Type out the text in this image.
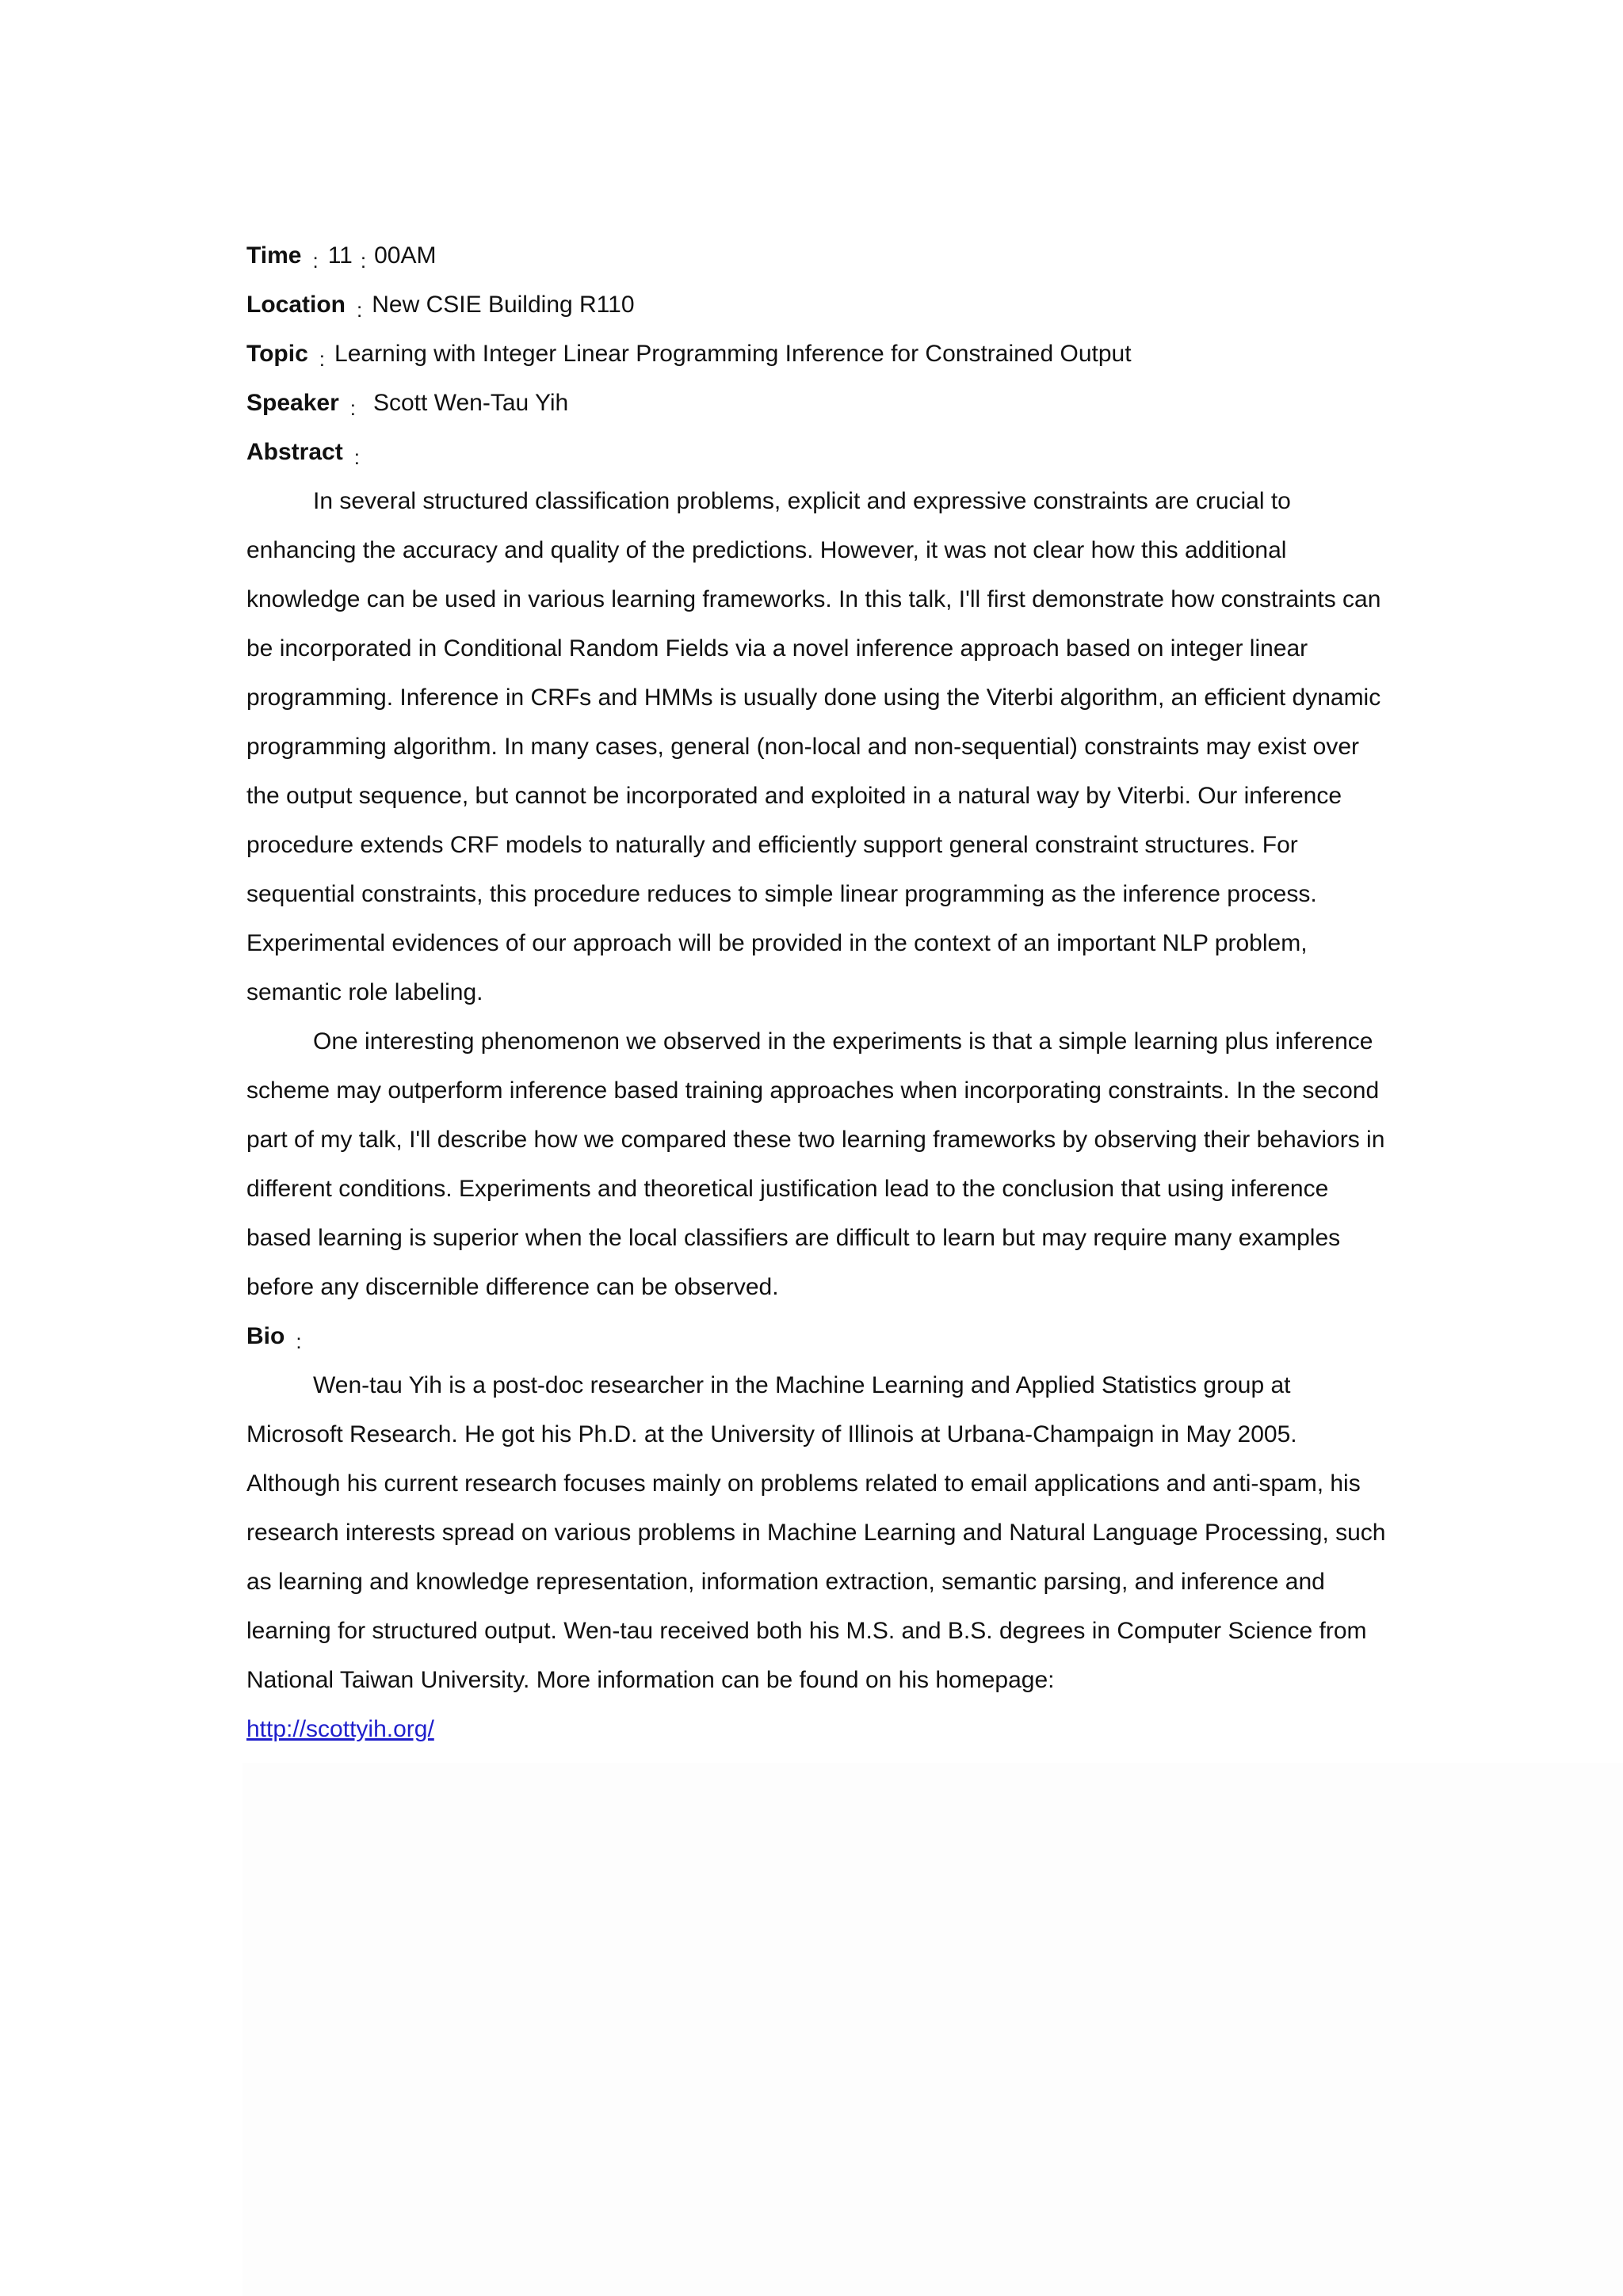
Time : 11 : 00AM
Location : New CSIE Building R110
Topic : Learning with Integer Linear Programming Inference for Constrained Output
Speaker : Scott Wen-Tau Yih
Abstract :

In several structured classification problems, explicit and expressive constraints are crucial to enhancing the accuracy and quality of the predictions. However, it was not clear how this additional knowledge can be used in various learning frameworks. In this talk, I'll first demonstrate how constraints can be incorporated in Conditional Random Fields via a novel inference approach based on integer linear programming. Inference in CRFs and HMMs is usually done using the Viterbi algorithm, an efficient dynamic programming algorithm. In many cases, general (non-local and non-sequential) constraints may exist over the output sequence, but cannot be incorporated and exploited in a natural way by Viterbi. Our inference procedure extends CRF models to naturally and efficiently support general constraint structures. For sequential constraints, this procedure reduces to simple linear programming as the inference process. Experimental evidences of our approach will be provided in the context of an important NLP problem, semantic role labeling.

One interesting phenomenon we observed in the experiments is that a simple learning plus inference scheme may outperform inference based training approaches when incorporating constraints. In the second part of my talk, I'll describe how we compared these two learning frameworks by observing their behaviors in different conditions. Experiments and theoretical justification lead to the conclusion that using inference based learning is superior when the local classifiers are difficult to learn but may require many examples before any discernible difference can be observed.

Bio :

Wen-tau Yih is a post-doc researcher in the Machine Learning and Applied Statistics group at Microsoft Research. He got his Ph.D. at the University of Illinois at Urbana-Champaign in May 2005. Although his current research focuses mainly on problems related to email applications and anti-spam, his research interests spread on various problems in Machine Learning and Natural Language Processing, such as learning and knowledge representation, information extraction, semantic parsing, and inference and learning for structured output. Wen-tau received both his M.S. and B.S. degrees in Computer Science from National Taiwan University. More information can be found on his homepage:
http://scottyih.org/
